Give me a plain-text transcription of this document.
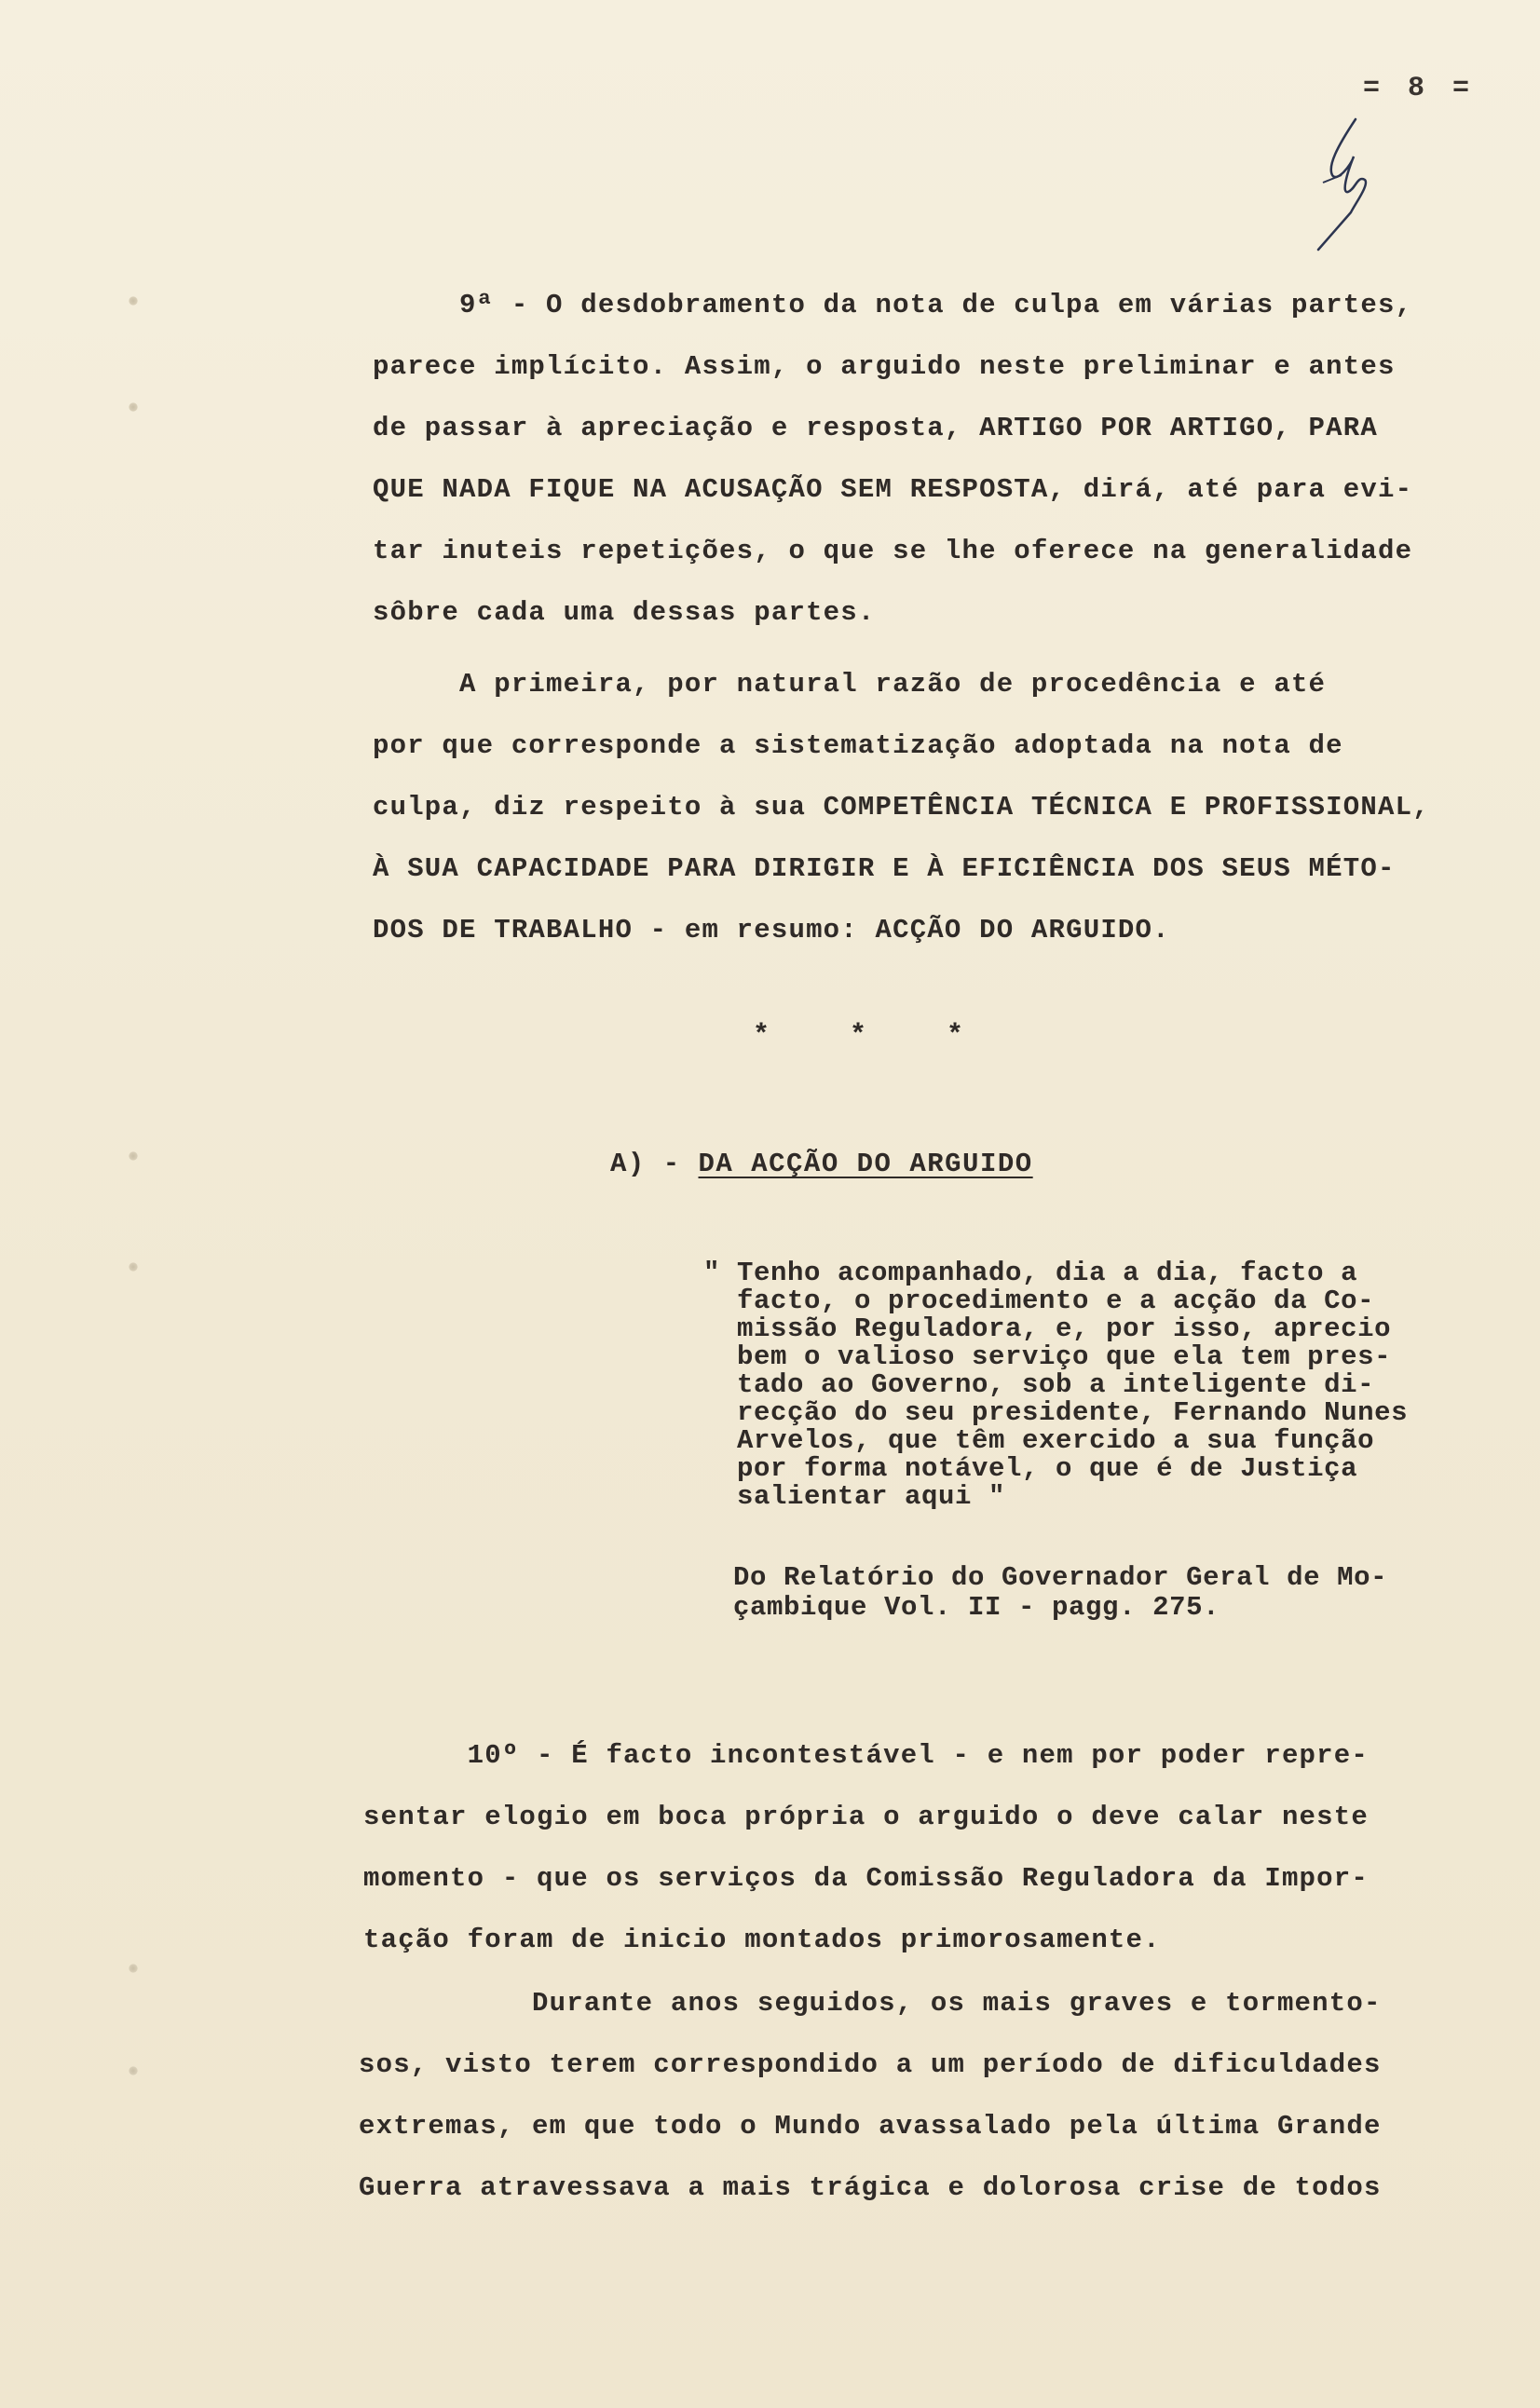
= 8 =

9ª - O desdobramento da nota de culpa em várias partes,

parece implícito. Assim, o arguido neste preliminar e antes

de passar à apreciação e resposta, ARTIGO POR ARTIGO, PARA

QUE NADA FIQUE NA ACUSAÇÃO SEM RESPOSTA, dirá, até para evi-

tar inuteis repetições, o que se lhe oferece na generalidade

sôbre cada uma dessas partes.

A primeira, por natural razão de procedência e até

por que corresponde a sistematização adoptada na nota de

culpa, diz respeito à sua COMPETÊNCIA TÉCNICA E PROFISSIONAL,

À SUA CAPACIDADE PARA DIRIGIR E À EFICIÊNCIA DOS SEUS MÉTO-

DOS DE TRABALHO - em resumo: ACÇÃO DO ARGUIDO.

* * *
A) - DA ACÇÃO DO ARGUIDO

" Tenho acompanhado, dia a dia, facto a

facto, o procedimento e a acção da Co-

missão Reguladora, e, por isso, aprecio

bem o valioso serviço que ela tem pres-

tado ao Governo, sob a inteligente di-

recção do seu presidente, Fernando Nunes

Arvelos, que têm exercido a sua função

por forma notável, o que é de Justiça

salientar aqui "

Do Relatório do Governador Geral de Mo-

çambique Vol. II - pagg. 275.

10º - É facto incontestável - e nem por poder repre-

sentar elogio em boca própria o arguido o deve calar neste

momento - que os serviços da Comissão Reguladora da Impor-

tação foram de inicio montados primorosamente.

Durante anos seguidos, os mais graves e tormento-

sos, visto terem correspondido a um período de dificuldades

extremas, em que todo o Mundo avassalado pela última Grande

Guerra atravessava a mais trágica e dolorosa crise de todos
